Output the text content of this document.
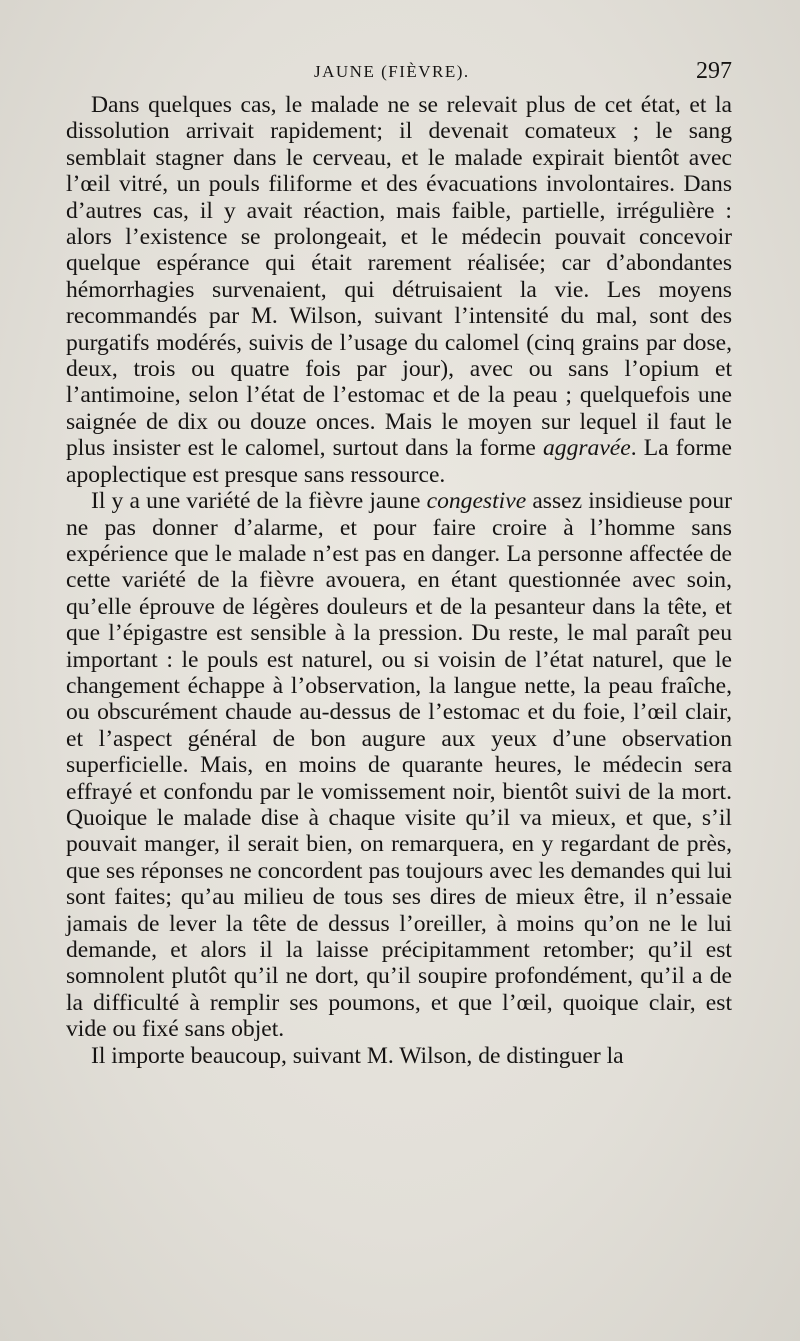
JAUNE (FIÈVRE).	297

Dans quelques cas, le malade ne se relevait plus de cet état, et la dissolution arrivait rapidement; il devenait comateux ; le sang semblait stagner dans le cerveau, et le malade expirait bientôt avec l’œil vitré, un pouls filiforme et des évacuations involontaires. Dans d’autres cas, il y avait réaction, mais faible, partielle, irrégulière : alors l’existence se prolongeait, et le médecin pouvait concevoir quelque espérance qui était rarement réalisée; car d’abondantes hémorrhagies survenaient, qui détruisaient la vie. Les moyens recommandés par M. Wilson, suivant l’intensité du mal, sont des purgatifs modérés, suivis de l’usage du calomel (cinq grains par dose, deux, trois ou quatre fois par jour), avec ou sans l’opium et l’antimoine, selon l’état de l’estomac et de la peau ; quelquefois une saignée de dix ou douze onces. Mais le moyen sur lequel il faut le plus insister est le calomel, surtout dans la forme aggravée. La forme apoplectique est presque sans ressource.

Il y a une variété de la fièvre jaune congestive assez insidieuse pour ne pas donner d’alarme, et pour faire croire à l’homme sans expérience que le malade n’est pas en danger. La personne affectée de cette variété de la fièvre avouera, en étant questionnée avec soin, qu’elle éprouve de légères douleurs et de la pesanteur dans la tête, et que l’épigastre est sensible à la pression. Du reste, le mal paraît peu important : le pouls est naturel, ou si voisin de l’état naturel, que le changement échappe à l’observation, la langue nette, la peau fraîche, ou obscurément chaude au-dessus de l’estomac et du foie, l’œil clair, et l’aspect général de bon augure aux yeux d’une observation superficielle. Mais, en moins de quarante heures, le médecin sera effrayé et confondu par le vomissement noir, bientôt suivi de la mort. Quoique le malade dise à chaque visite qu’il va mieux, et que, s’il pouvait manger, il serait bien, on remarquera, en y regardant de près, que ses réponses ne concordent pas toujours avec les demandes qui lui sont faites; qu’au milieu de tous ses dires de mieux être, il n’essaie jamais de lever la tête de dessus l’oreiller, à moins qu’on ne le lui demande, et alors il la laisse précipitamment retomber; qu’il est somnolent plutôt qu’il ne dort, qu’il soupire profondément, qu’il a de la difficulté à remplir ses poumons, et que l’œil, quoique clair, est vide ou fixé sans objet.

Il importe beaucoup, suivant M. Wilson, de distinguer la
